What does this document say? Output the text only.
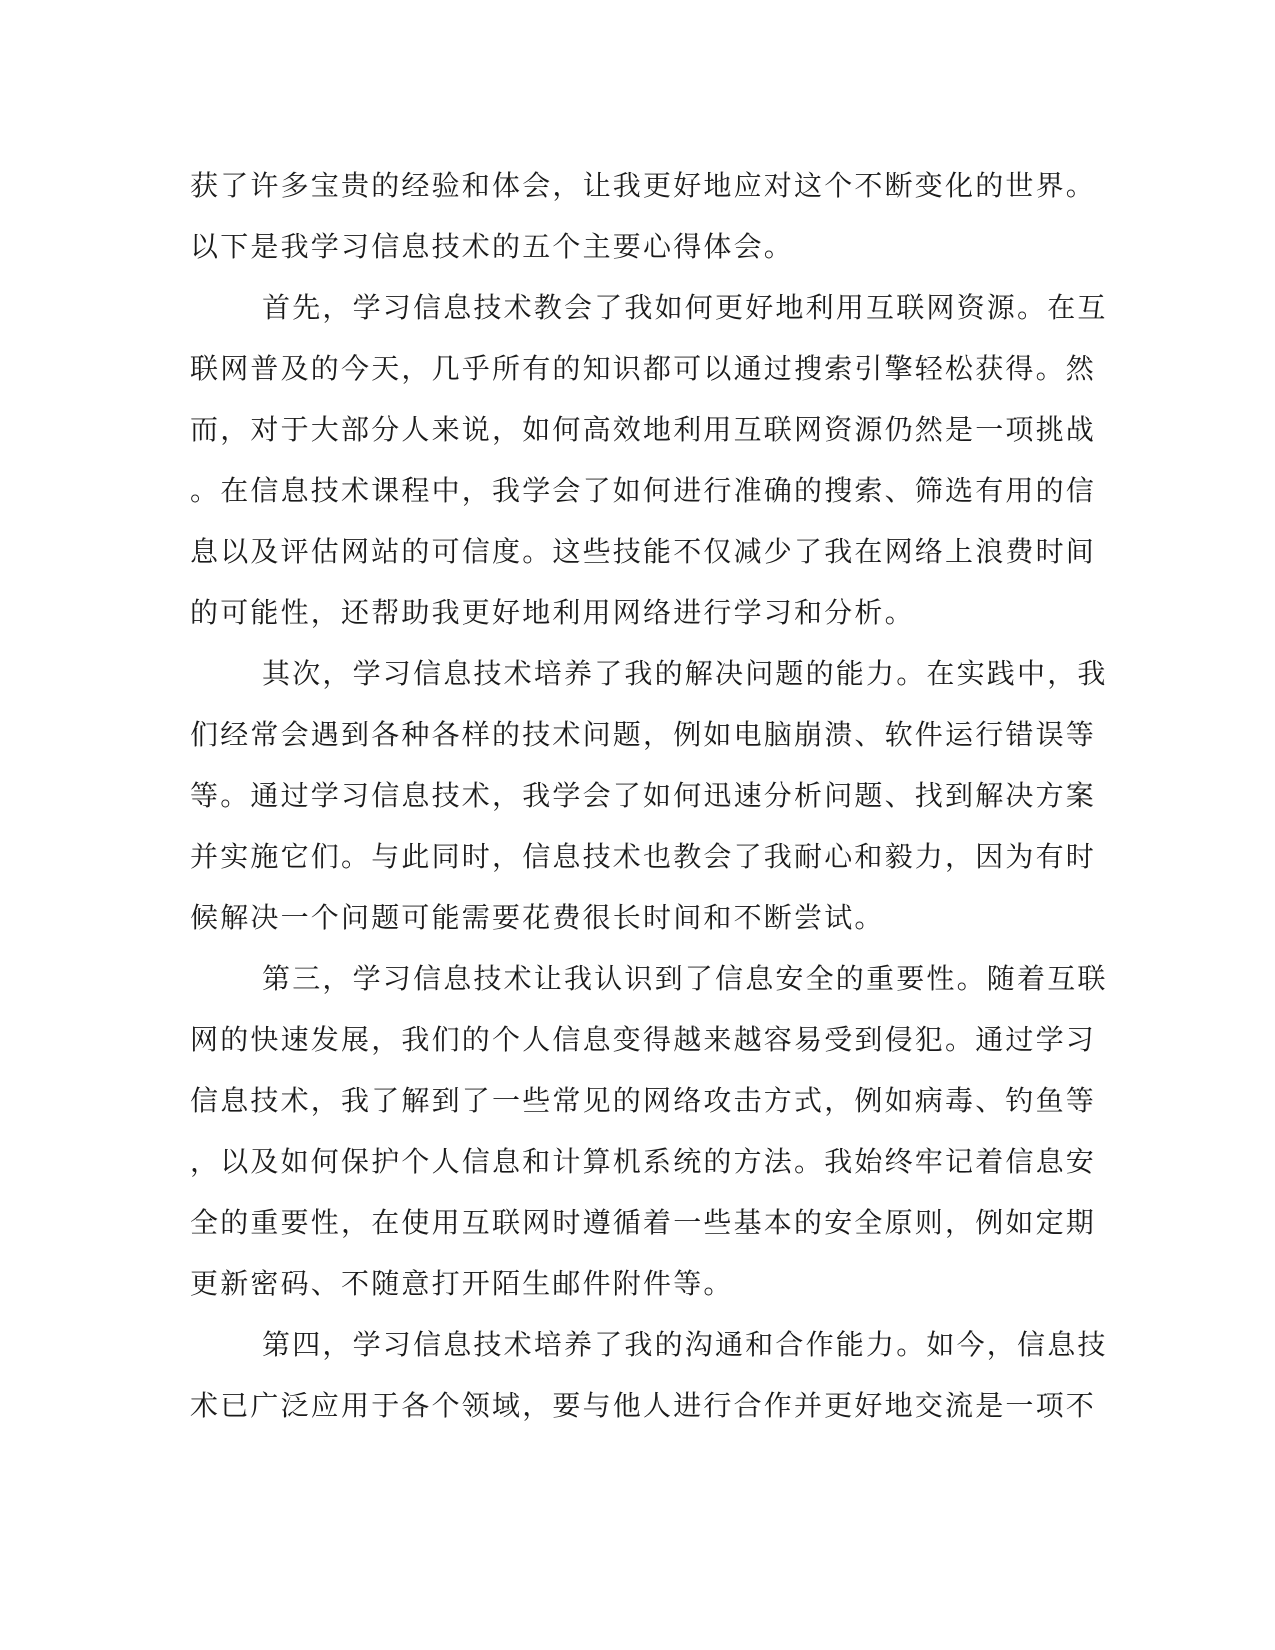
获了许多宝贵的经验和体会，让我更好地应对这个不断变化的世界。
以下是我学习信息技术的五个主要心得体会。
首先，学习信息技术教会了我如何更好地利用互联网资源。在互
联网普及的今天，几乎所有的知识都可以通过搜索引擎轻松获得。然
而，对于大部分人来说，如何高效地利用互联网资源仍然是一项挑战
。在信息技术课程中，我学会了如何进行准确的搜索、筛选有用的信
息以及评估网站的可信度。这些技能不仅减少了我在网络上浪费时间
的可能性，还帮助我更好地利用网络进行学习和分析。
其次，学习信息技术培养了我的解决问题的能力。在实践中，我
们经常会遇到各种各样的技术问题，例如电脑崩溃、软件运行错误等
等。通过学习信息技术，我学会了如何迅速分析问题、找到解决方案
并实施它们。与此同时，信息技术也教会了我耐心和毅力，因为有时
候解决一个问题可能需要花费很长时间和不断尝试。
第三，学习信息技术让我认识到了信息安全的重要性。随着互联
网的快速发展，我们的个人信息变得越来越容易受到侵犯。通过学习
信息技术，我了解到了一些常见的网络攻击方式，例如病毒、钓鱼等
，以及如何保护个人信息和计算机系统的方法。我始终牢记着信息安
全的重要性，在使用互联网时遵循着一些基本的安全原则，例如定期
更新密码、不随意打开陌生邮件附件等。
第四，学习信息技术培养了我的沟通和合作能力。如今，信息技
术已广泛应用于各个领域，要与他人进行合作并更好地交流是一项不
